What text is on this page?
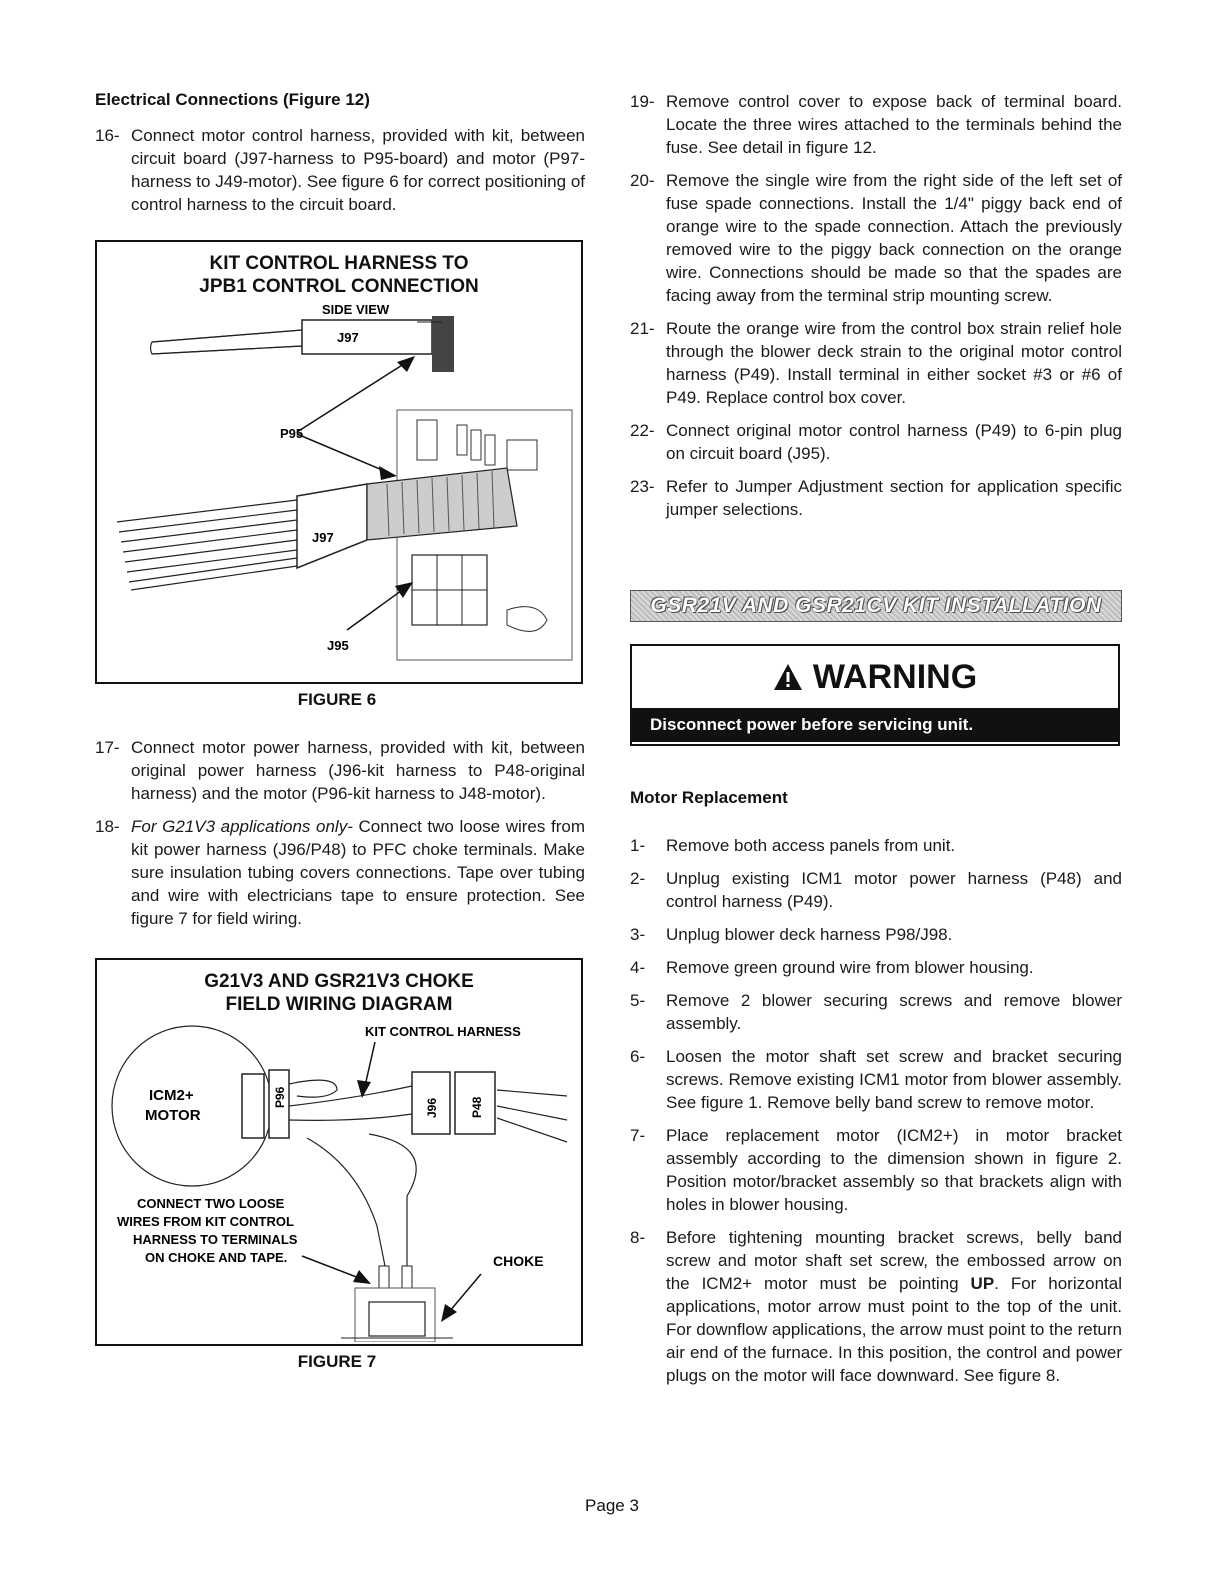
Electrical Connections (Figure 12)
16- Connect motor control harness, provided with kit, between circuit board (J97-harness to P95-board) and motor (P97-harness to J49-motor). See figure 6 for correct positioning of control harness to the circuit board.
KIT CONTROL HARNESS TO
JPB1 CONTROL CONNECTION
SIDE VIEW
J97
P95
J97
J95
FIGURE 6
17- Connect motor power harness, provided with kit, between original power harness (J96-kit harness to P48-original harness) and the motor (P96-kit harness to J48-motor).
18- For G21V3 applications only- Connect two loose wires from kit power harness (J96/P48) to PFC choke terminals. Make sure insulation tubing covers connections. Tape over tubing and wire with electricians tape to ensure protection. See figure 7 for field wiring.
G21V3 AND GSR21V3 CHOKE
FIELD WIRING DIAGRAM
ICM2+
MOTOR
P96
KIT CONTROL HARNESS
J96	P48
CONNECT TWO LOOSE
WIRES FROM KIT CONTROL
HARNESS TO TERMINALS
ON CHOKE AND TAPE.	CHOKE
FIGURE 7
19- Remove control cover to expose back of terminal board. Locate the three wires attached to the terminals behind the fuse. See detail in figure 12.
20- Remove the single wire from the right side of the left set of fuse spade connections. Install the 1/4" piggy back end of orange wire to the spade connection. Attach the previously removed wire to the piggy back connection on the orange wire. Connections should be made so that the spades are facing away from the terminal strip mounting screw.
21- Route the orange wire from the control box strain relief hole through the blower deck strain to the original motor control harness (P49). Install terminal in either socket #3 or #6 of P49. Replace control box cover.
22- Connect original motor control harness (P49) to 6-pin plug on circuit board (J95).
23- Refer to Jumper Adjustment section for application specific jumper selections.
GSR21V AND GSR21CV KIT INSTALLATION
WARNING
Disconnect power before servicing unit.
Motor Replacement
1-	Remove both access panels from unit.
2-	Unplug existing ICM1 motor power harness (P48) and control harness (P49).
3-	Unplug blower deck harness P98/J98.
4-	Remove green ground wire from blower housing.
5-	Remove 2 blower securing screws and remove blower assembly.
6-	Loosen the motor shaft set screw and bracket securing screws. Remove existing ICM1 motor from blower assembly. See figure 1. Remove belly band screw to remove motor.
7-	Place replacement motor (ICM2+) in motor bracket assembly according to the dimension shown in figure 2. Position motor/bracket assembly so that brackets align with holes in blower housing.
8-	Before tightening mounting bracket screws, belly band screw and motor shaft set screw, the embossed arrow on the ICM2+ motor must be pointing UP. For horizontal applications, motor arrow must point to the top of the unit. For downflow applications, the arrow must point to the return air end of the furnace. In this position, the control and power plugs on the motor will face downward. See figure 8.
Page 3
